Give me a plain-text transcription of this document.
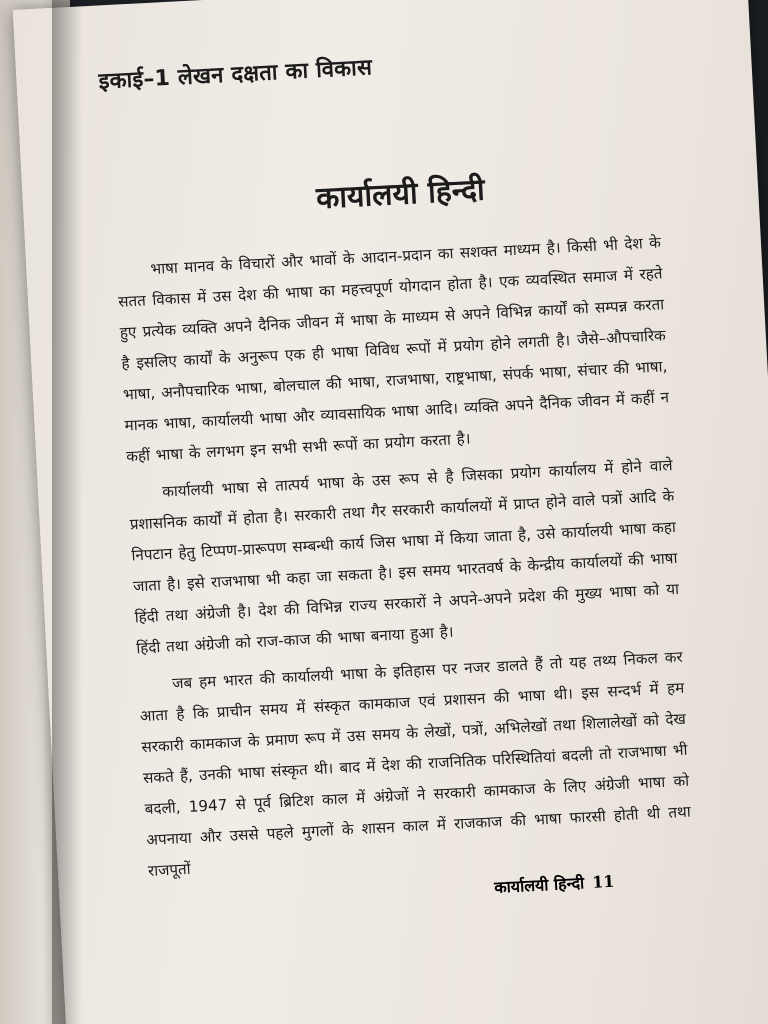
इकाई–1 लेखन दक्षता का विकास
कार्यालयी हिन्दी

भाषा मानव के विचारों और भावों के आदान-प्रदान का सशक्त माध्यम है। किसी भी देश के सतत विकास में उस देश की भाषा का महत्त्वपूर्ण योगदान होता है। एक व्यवस्थित समाज में रहते हुए प्रत्येक व्यक्ति अपने दैनिक जीवन में भाषा के माध्यम से अपने विभिन्न कार्यों को सम्पन्न करता है इसलिए कार्यों के अनुरूप एक ही भाषा विविध रूपों में प्रयोग होने लगती है। जैसे–औपचारिक भाषा, अनौपचारिक भाषा, बोलचाल की भाषा, राजभाषा, राष्ट्रभाषा, संपर्क भाषा, संचार की भाषा, मानक भाषा, कार्यालयी भाषा और व्यावसायिक भाषा आदि। व्यक्ति अपने दैनिक जीवन में कहीं न कहीं भाषा के लगभग इन सभी सभी रूपों का प्रयोग करता है।

कार्यालयी भाषा से तात्पर्य भाषा के उस रूप से है जिसका प्रयोग कार्यालय में होने वाले प्रशासनिक कार्यों में होता है। सरकारी तथा गैर सरकारी कार्यालयों में प्राप्त होने वाले पत्रों आदि के निपटान हेतु टिप्पण-प्रारूपण सम्बन्धी कार्य जिस भाषा में किया जाता है, उसे कार्यालयी भाषा कहा जाता है। इसे राजभाषा भी कहा जा सकता है। इस समय भारतवर्ष के केन्द्रीय कार्यालयों की भाषा हिंदी तथा अंग्रेजी है। देश की विभिन्न राज्य सरकारों ने अपने-अपने प्रदेश की मुख्य भाषा को या हिंदी तथा अंग्रेजी को राज-काज की भाषा बनाया हुआ है।

जब हम भारत की कार्यालयी भाषा के इतिहास पर नजर डालते हैं तो यह तथ्य निकल कर आता है कि प्राचीन समय में संस्कृत कामकाज एवं प्रशासन की भाषा थी। इस सन्दर्भ में हम सरकारी कामकाज के प्रमाण रूप में उस समय के लेखों, पत्रों, अभिलेखों तथा शिलालेखों को देख सकते हैं, उनकी भाषा संस्कृत थी। बाद में देश की राजनितिक परिस्थितियां बदली तो राजभाषा भी बदली, 1947 से पूर्व ब्रिटिश काल में अंग्रेजों ने सरकारी कामकाज के लिए अंग्रेजी भाषा को अपनाया और उससे पहले मुगलों के शासन काल में राजकाज की भाषा फारसी होती थी तथा राजपूतों

कार्यालयी हिन्दी 11
